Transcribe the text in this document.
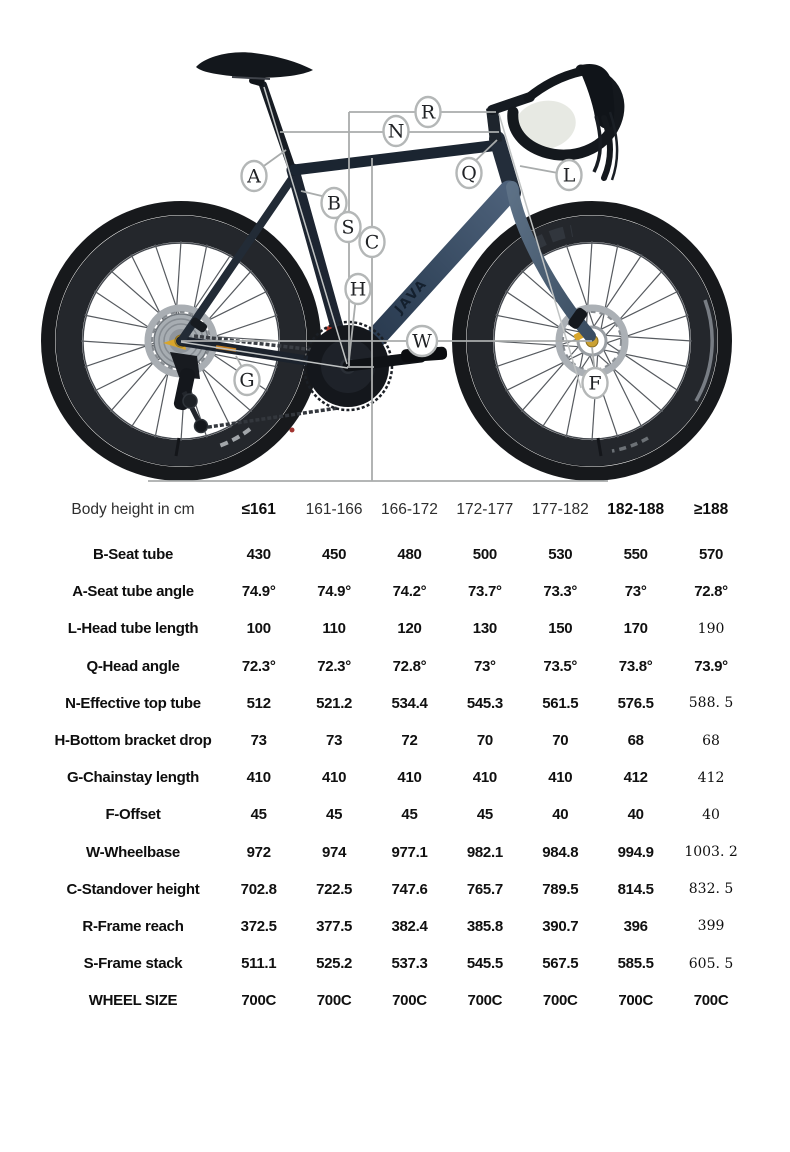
JAVA
R
N
A
B
Q	L
S
C
H
W
G	F
Body height in cm	≤161	161-166	166-172	172-177	177-182	182-188	≥188
B-Seat tube	430	450	480	500	530	550	570
A-Seat tube angle	74.9°	74.9°	74.2°	73.7°	73.3°	73°	72.8°
L-Head tube length	100	110	120	130	150	170	190
Q-Head angle	72.3°	72.3°	72.8°	73°	73.5°	73.8°	73.9°
N-Effective top tube	512	521.2	534.4	545.3	561.5	576.5	588. 5
H-Bottom bracket drop	73	73	72	70	70	68	68
G-Chainstay length	410	410	410	410	410	412	412
F-Offset	45	45	45	45	40	40	40
W-Wheelbase	972	974	977.1	982.1	984.8	994.9	1003. 2
C-Standover height	702.8	722.5	747.6	765.7	789.5	814.5	832. 5
R-Frame reach	372.5	377.5	382.4	385.8	390.7	396	399
S-Frame stack	511.1	525.2	537.3	545.5	567.5	585.5	605. 5
WHEEL SIZE	700C	700C	700C	700C	700C	700C	700C
